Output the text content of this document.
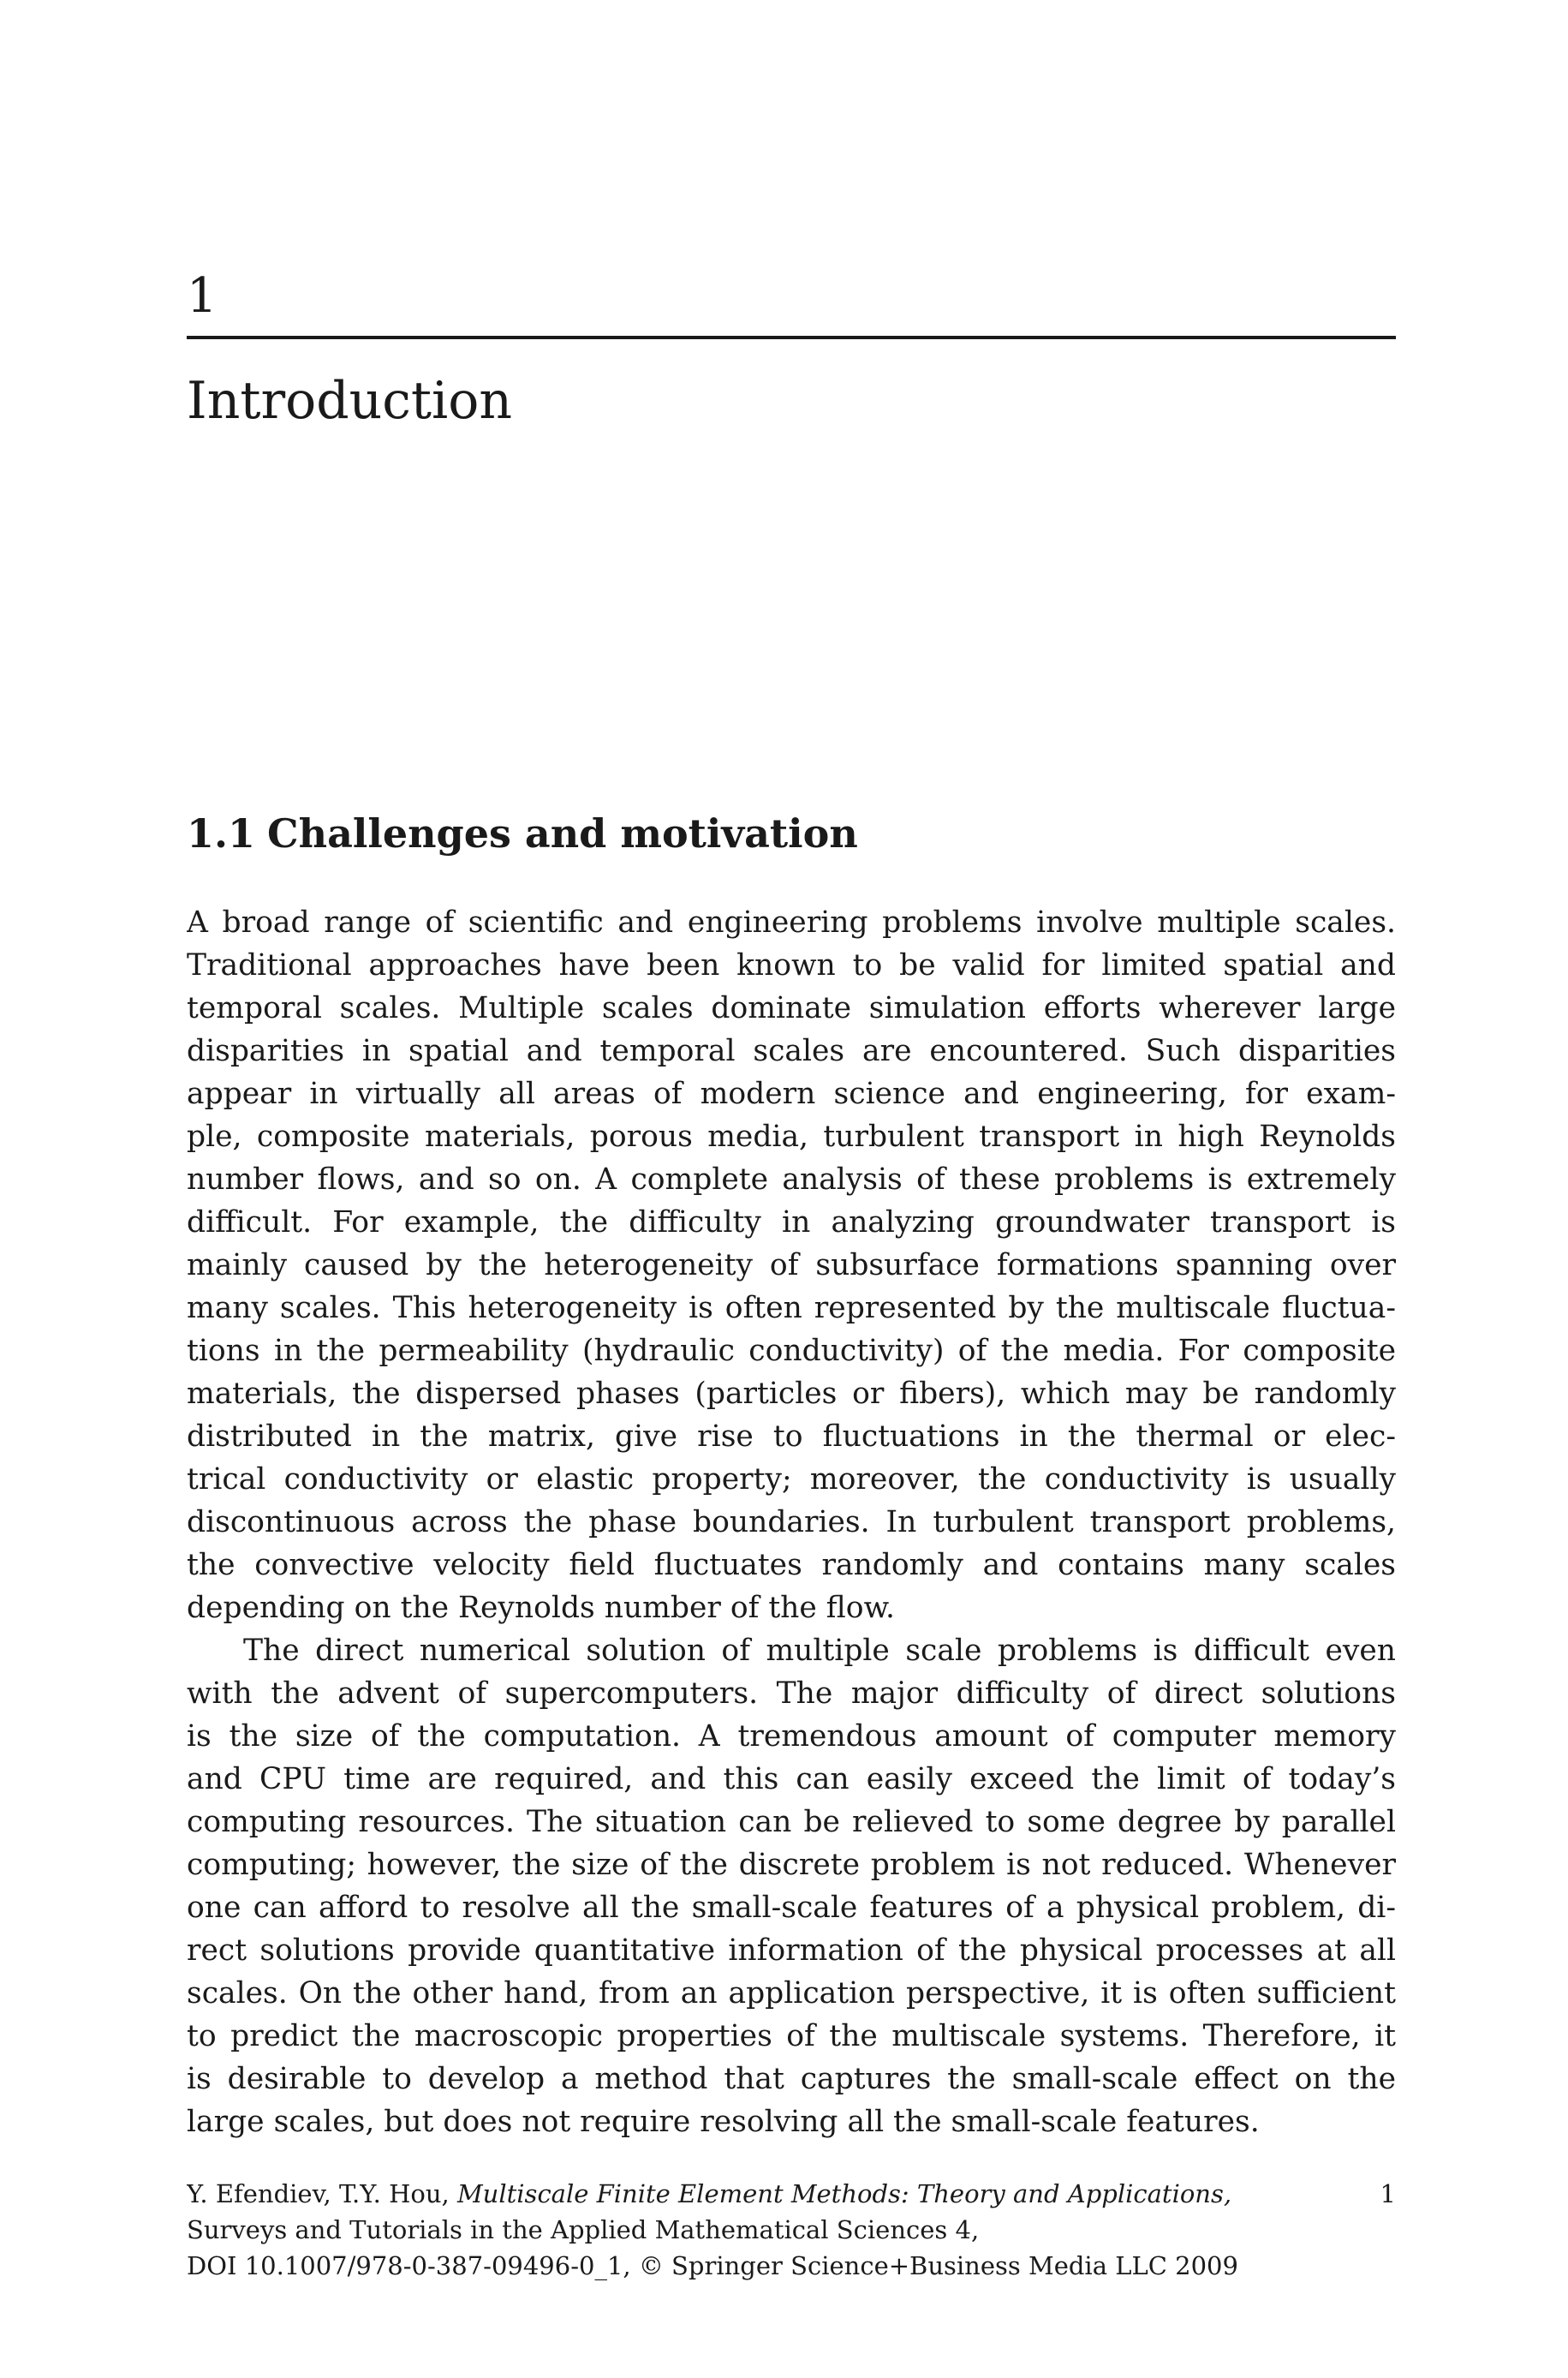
1
Introduction
1.1 Challenges and motivation
A broad range of scientific and engineering problems involve multiple scales.
Traditional approaches have been known to be valid for limited spatial and
temporal scales. Multiple scales dominate simulation efforts wherever large
disparities in spatial and temporal scales are encountered. Such disparities
appear in virtually all areas of modern science and engineering, for exam-
ple, composite materials, porous media, turbulent transport in high Reynolds
number flows, and so on. A complete analysis of these problems is extremely
difficult. For example, the difficulty in analyzing groundwater transport is
mainly caused by the heterogeneity of subsurface formations spanning over
many scales. This heterogeneity is often represented by the multiscale fluctua-
tions in the permeability (hydraulic conductivity) of the media. For composite
materials, the dispersed phases (particles or fibers), which may be randomly
distributed in the matrix, give rise to fluctuations in the thermal or elec-
trical conductivity or elastic property; moreover, the conductivity is usually
discontinuous across the phase boundaries. In turbulent transport problems,
the convective velocity field fluctuates randomly and contains many scales
depending on the Reynolds number of the flow.
The direct numerical solution of multiple scale problems is difficult even
with the advent of supercomputers. The major difficulty of direct solutions
is the size of the computation. A tremendous amount of computer memory
and CPU time are required, and this can easily exceed the limit of today’s
computing resources. The situation can be relieved to some degree by parallel
computing; however, the size of the discrete problem is not reduced. Whenever
one can afford to resolve all the small-scale features of a physical problem, di-
rect solutions provide quantitative information of the physical processes at all
scales. On the other hand, from an application perspective, it is often sufficient
to predict the macroscopic properties of the multiscale systems. Therefore, it
is desirable to develop a method that captures the small-scale effect on the
large scales, but does not require resolving all the small-scale features.
Y. Efendiev, T.Y. Hou, Multiscale Finite Element Methods: Theory and Applications,	1
Surveys and Tutorials in the Applied Mathematical Sciences 4,
DOI 10.1007/978-0-387-09496-0_1, © Springer Science+Business Media LLC 2009
